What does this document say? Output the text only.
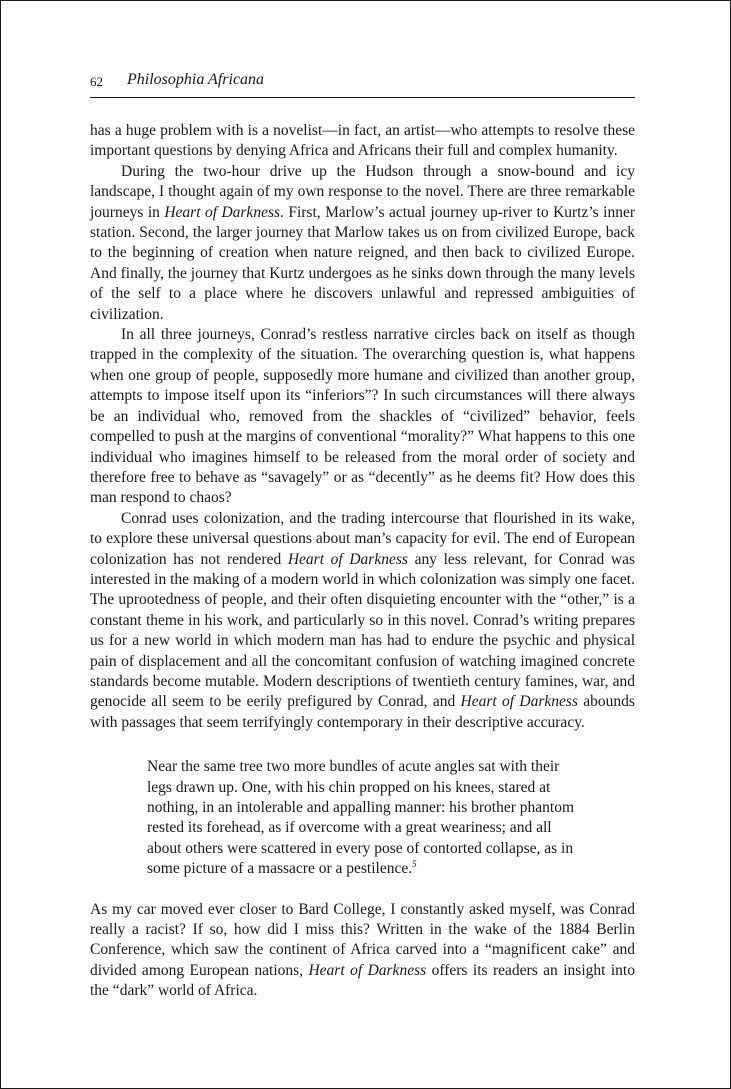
62 Philosophia Africana

has a huge problem with is a novelist—in fact, an artist—who attempts to resolve these important questions by denying Africa and Africans their full and complex humanity.

During the two-hour drive up the Hudson through a snow-bound and icy landscape, I thought again of my own response to the novel. There are three remarkable journeys in Heart of Darkness. First, Marlow’s actual journey up-river to Kurtz’s inner station. Second, the larger journey that Marlow takes us on from civilized Europe, back to the beginning of creation when nature reigned, and then back to civilized Europe. And finally, the journey that Kurtz undergoes as he sinks down through the many levels of the self to a place where he discovers unlawful and repressed ambiguities of civilization.

In all three journeys, Conrad’s restless narrative circles back on itself as though trapped in the complexity of the situation. The overarching question is, what happens when one group of people, supposedly more humane and civilized than another group, attempts to impose itself upon its “inferiors”? In such circumstances will there always be an individual who, removed from the shackles of “civilized” behavior, feels compelled to push at the margins of conventional “morality?” What happens to this one individual who imagines himself to be released from the moral order of society and therefore free to behave as “savagely” or as “decently” as he deems fit? How does this man respond to chaos?

Conrad uses colonization, and the trading intercourse that flourished in its wake, to explore these universal questions about man’s capacity for evil. The end of European colonization has not rendered Heart of Darkness any less relevant, for Conrad was interested in the making of a modern world in which colonization was simply one facet. The uprootedness of people, and their often disquieting encounter with the “other,” is a constant theme in his work, and particularly so in this novel. Conrad’s writing prepares us for a new world in which modern man has had to endure the psychic and physical pain of displacement and all the concomitant confusion of watching imagined concrete standards become mutable. Modern descriptions of twentieth century famines, war, and genocide all seem to be eerily prefigured by Conrad, and Heart of Darkness abounds with passages that seem terrifyingly contemporary in their descriptive accuracy.

Near the same tree two more bundles of acute angles sat with their legs drawn up. One, with his chin propped on his knees, stared at nothing, in an intolerable and appalling manner: his brother phantom rested its forehead, as if overcome with a great weariness; and all about others were scattered in every pose of contorted collapse, as in some picture of a massacre or a pestilence.$^5$

As my car moved ever closer to Bard College, I constantly asked myself, was Conrad really a racist? If so, how did I miss this? Written in the wake of the 1884 Berlin Conference, which saw the continent of Africa carved into a “magnificent cake” and divided among European nations, Heart of Darkness offers its readers an insight into the “dark” world of Africa.
